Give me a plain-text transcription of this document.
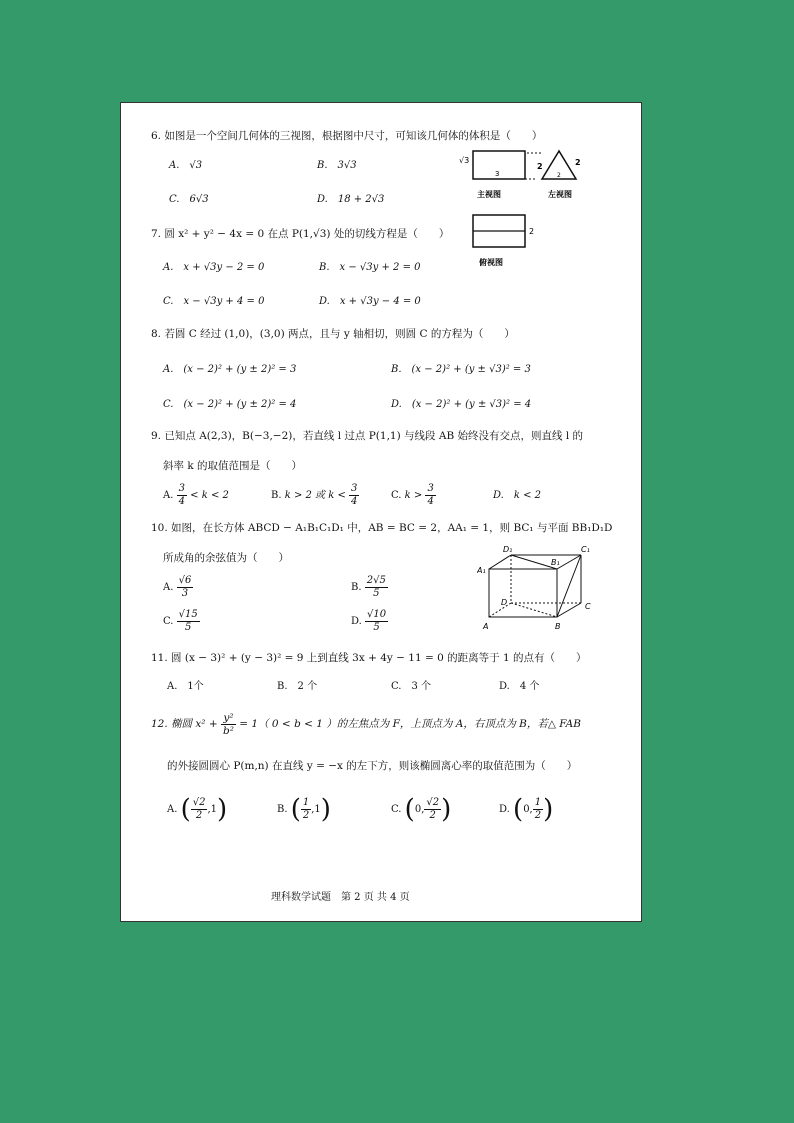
6. 如图是一个空间几何体的三视图，根据图中尺寸，可知该几何体的体积是（　　）
A.　√3	B.　3√3
C.　6√3	D.　18 + 2√3
√3
3
2	2
2
主视图	左视图
2
俯视图
7. 圆 x² + y² − 4x = 0 在点 P(1,√3) 处的切线方程是（　　）
A.　x + √3y − 2 = 0	B.　x − √3y + 2 = 0
C.　x − √3y + 4 = 0	D.　x + √3y − 4 = 0
8. 若圆 C 经过 (1,0)，(3,0) 两点，且与 y 轴相切，则圆 C 的方程为（　　）
A.　(x − 2)² + (y ± 2)² = 3	B.　(x − 2)² + (y ± √3)² = 3
C.　(x − 2)² + (y ± 2)² = 4	D.　(x − 2)² + (y ± √3)² = 4
9. 已知点 A(2,3)，B(−3,−2)，若直线 l 过点 P(1,1) 与线段 AB 始终没有交点，则直线 l 的
斜率 k 的取值范围是（　　）
A. $\frac{3}{4} < k < 2$	B. k > 2 或 $k < \frac{3}{4}$	C. $k > \frac{3}{4}$	D.　k < 2
10. 如图，在长方体 ABCD − A₁B₁C₁D₁ 中，AB = BC = 2，AA₁ = 1，则 BC₁ 与平面 BB₁D₁D
所成角的余弦值为（　　）
A. $\frac{√6}{3}$	B. $\frac{2√5}{5}$
C. $\frac{√15}{5}$	D. $\frac{√10}{5}$
D₁	C₁
A₁
B₁
D	C
A	B
11. 圆 (x − 3)² + (y − 3)² = 9 上到直线 3x + 4y − 11 = 0 的距离等于 1 的点有（　　）
A.　1个	B.　2 个	C.　3 个	D.　4 个
12. 椭圆 $x^2 + \frac{\text{y²}}{\text{b²}} = 1$（ 0 < b < 1 ）的左焦点为 F，上顶点为 A，右顶点为 B，若△ FAB
的外接圆圆心 P(m,n) 在直线 y = −x 的左下方，则该椭圆离心率的取值范围为（　　）
A. ( $\frac{√2}{2} ,1$)	B. ( $\frac{1}{2} ,1$)	C. (0, $\frac{√2}{2}$ )	D. (0, $\frac{1}{2}$ )
理科数学试题　第 2 页 共 4 页
